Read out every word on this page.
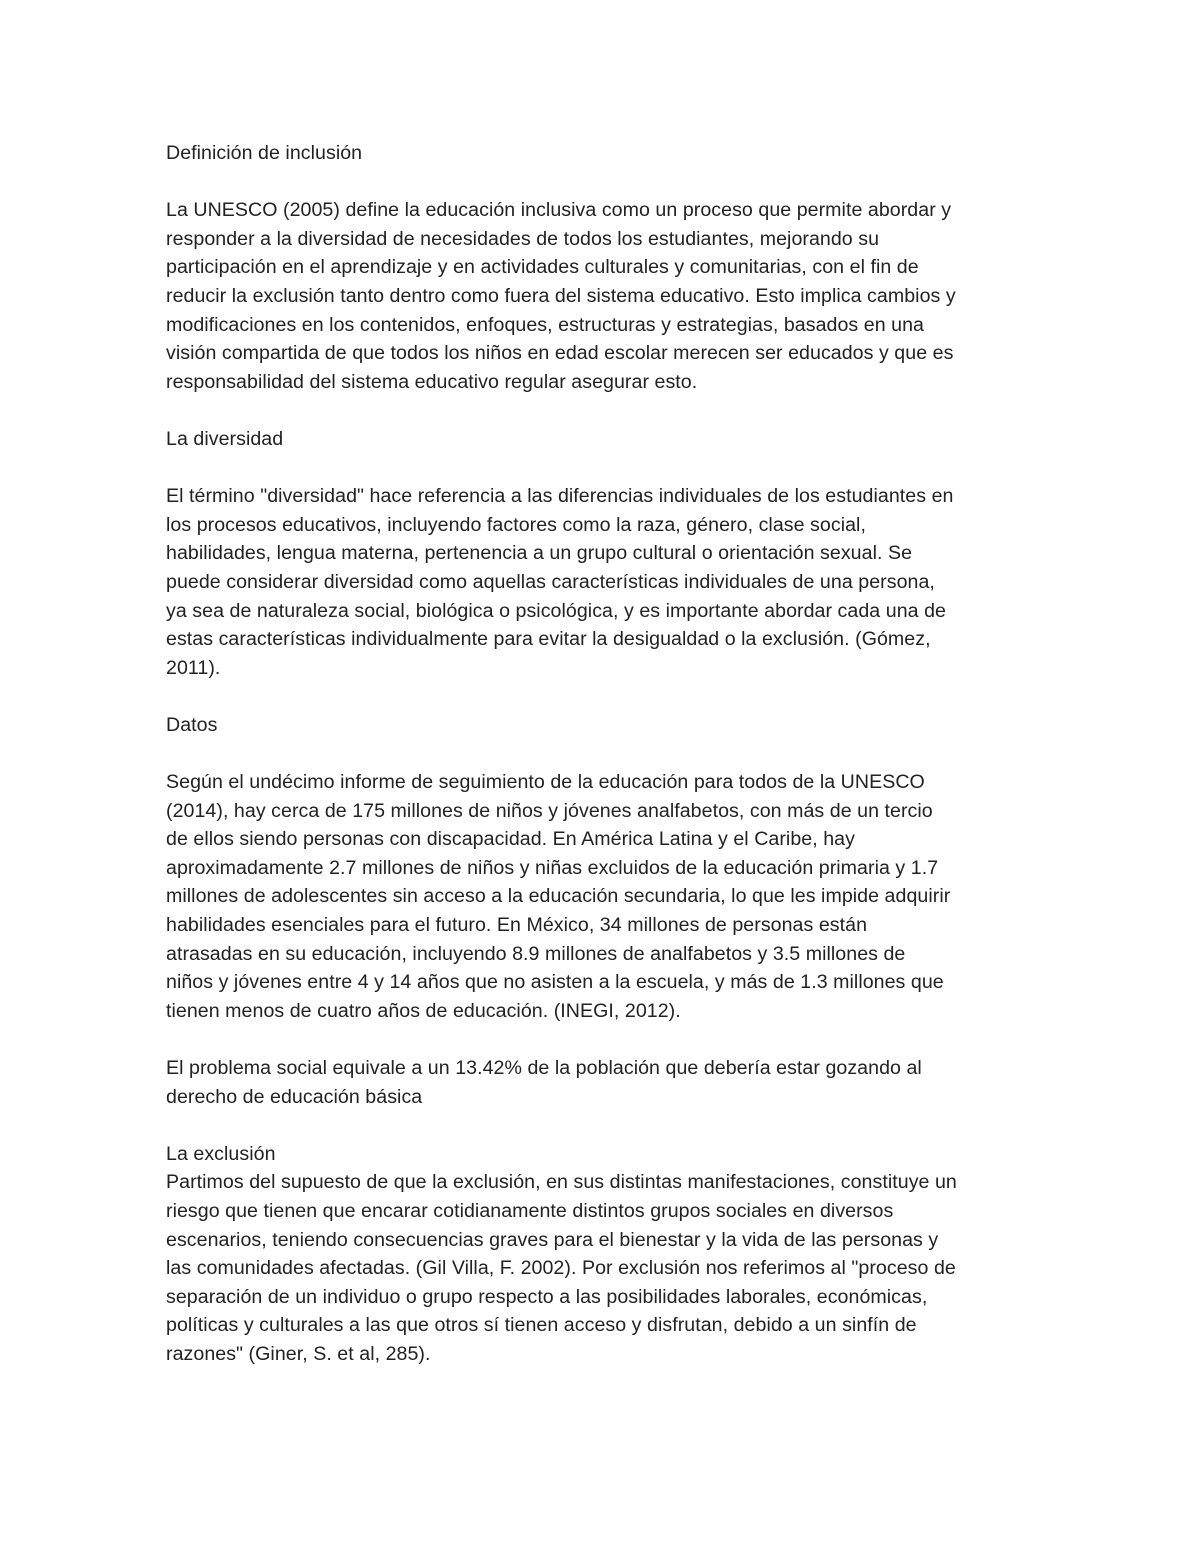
Definición de inclusión

La UNESCO (2005) define la educación inclusiva como un proceso que permite abordar y
responder a la diversidad de necesidades de todos los estudiantes, mejorando su
participación en el aprendizaje y en actividades culturales y comunitarias, con el fin de
reducir la exclusión tanto dentro como fuera del sistema educativo. Esto implica cambios y
modificaciones en los contenidos, enfoques, estructuras y estrategias, basados en una
visión compartida de que todos los niños en edad escolar merecen ser educados y que es
responsabilidad del sistema educativo regular asegurar esto.

La diversidad

El término "diversidad" hace referencia a las diferencias individuales de los estudiantes en
los procesos educativos, incluyendo factores como la raza, género, clase social,
habilidades, lengua materna, pertenencia a un grupo cultural o orientación sexual. Se
puede considerar diversidad como aquellas características individuales de una persona,
ya sea de naturaleza social, biológica o psicológica, y es importante abordar cada una de
estas características individualmente para evitar la desigualdad o la exclusión. (Gómez,
2011).

Datos

Según el undécimo informe de seguimiento de la educación para todos de la UNESCO
(2014), hay cerca de 175 millones de niños y jóvenes analfabetos, con más de un tercio
de ellos siendo personas con discapacidad. En América Latina y el Caribe, hay
aproximadamente 2.7 millones de niños y niñas excluidos de la educación primaria y 1.7
millones de adolescentes sin acceso a la educación secundaria, lo que les impide adquirir
habilidades esenciales para el futuro. En México, 34 millones de personas están
atrasadas en su educación, incluyendo 8.9 millones de analfabetos y 3.5 millones de
niños y jóvenes entre 4 y 14 años que no asisten a la escuela, y más de 1.3 millones que
tienen menos de cuatro años de educación. (INEGI, 2012).

El problema social equivale a un 13.42% de la población que debería estar gozando al
derecho de educación básica

La exclusión

Partimos del supuesto de que la exclusión, en sus distintas manifestaciones, constituye un
riesgo que tienen que encarar cotidianamente distintos grupos sociales en diversos
escenarios, teniendo consecuencias graves para el bienestar y la vida de las personas y
las comunidades afectadas. (Gil Villa, F. 2002). Por exclusión nos referimos al "proceso de
separación de un individuo o grupo respecto a las posibilidades laborales, económicas,
políticas y culturales a las que otros sí tienen acceso y disfrutan, debido a un sinfín de
razones" (Giner, S. et al, 285).
